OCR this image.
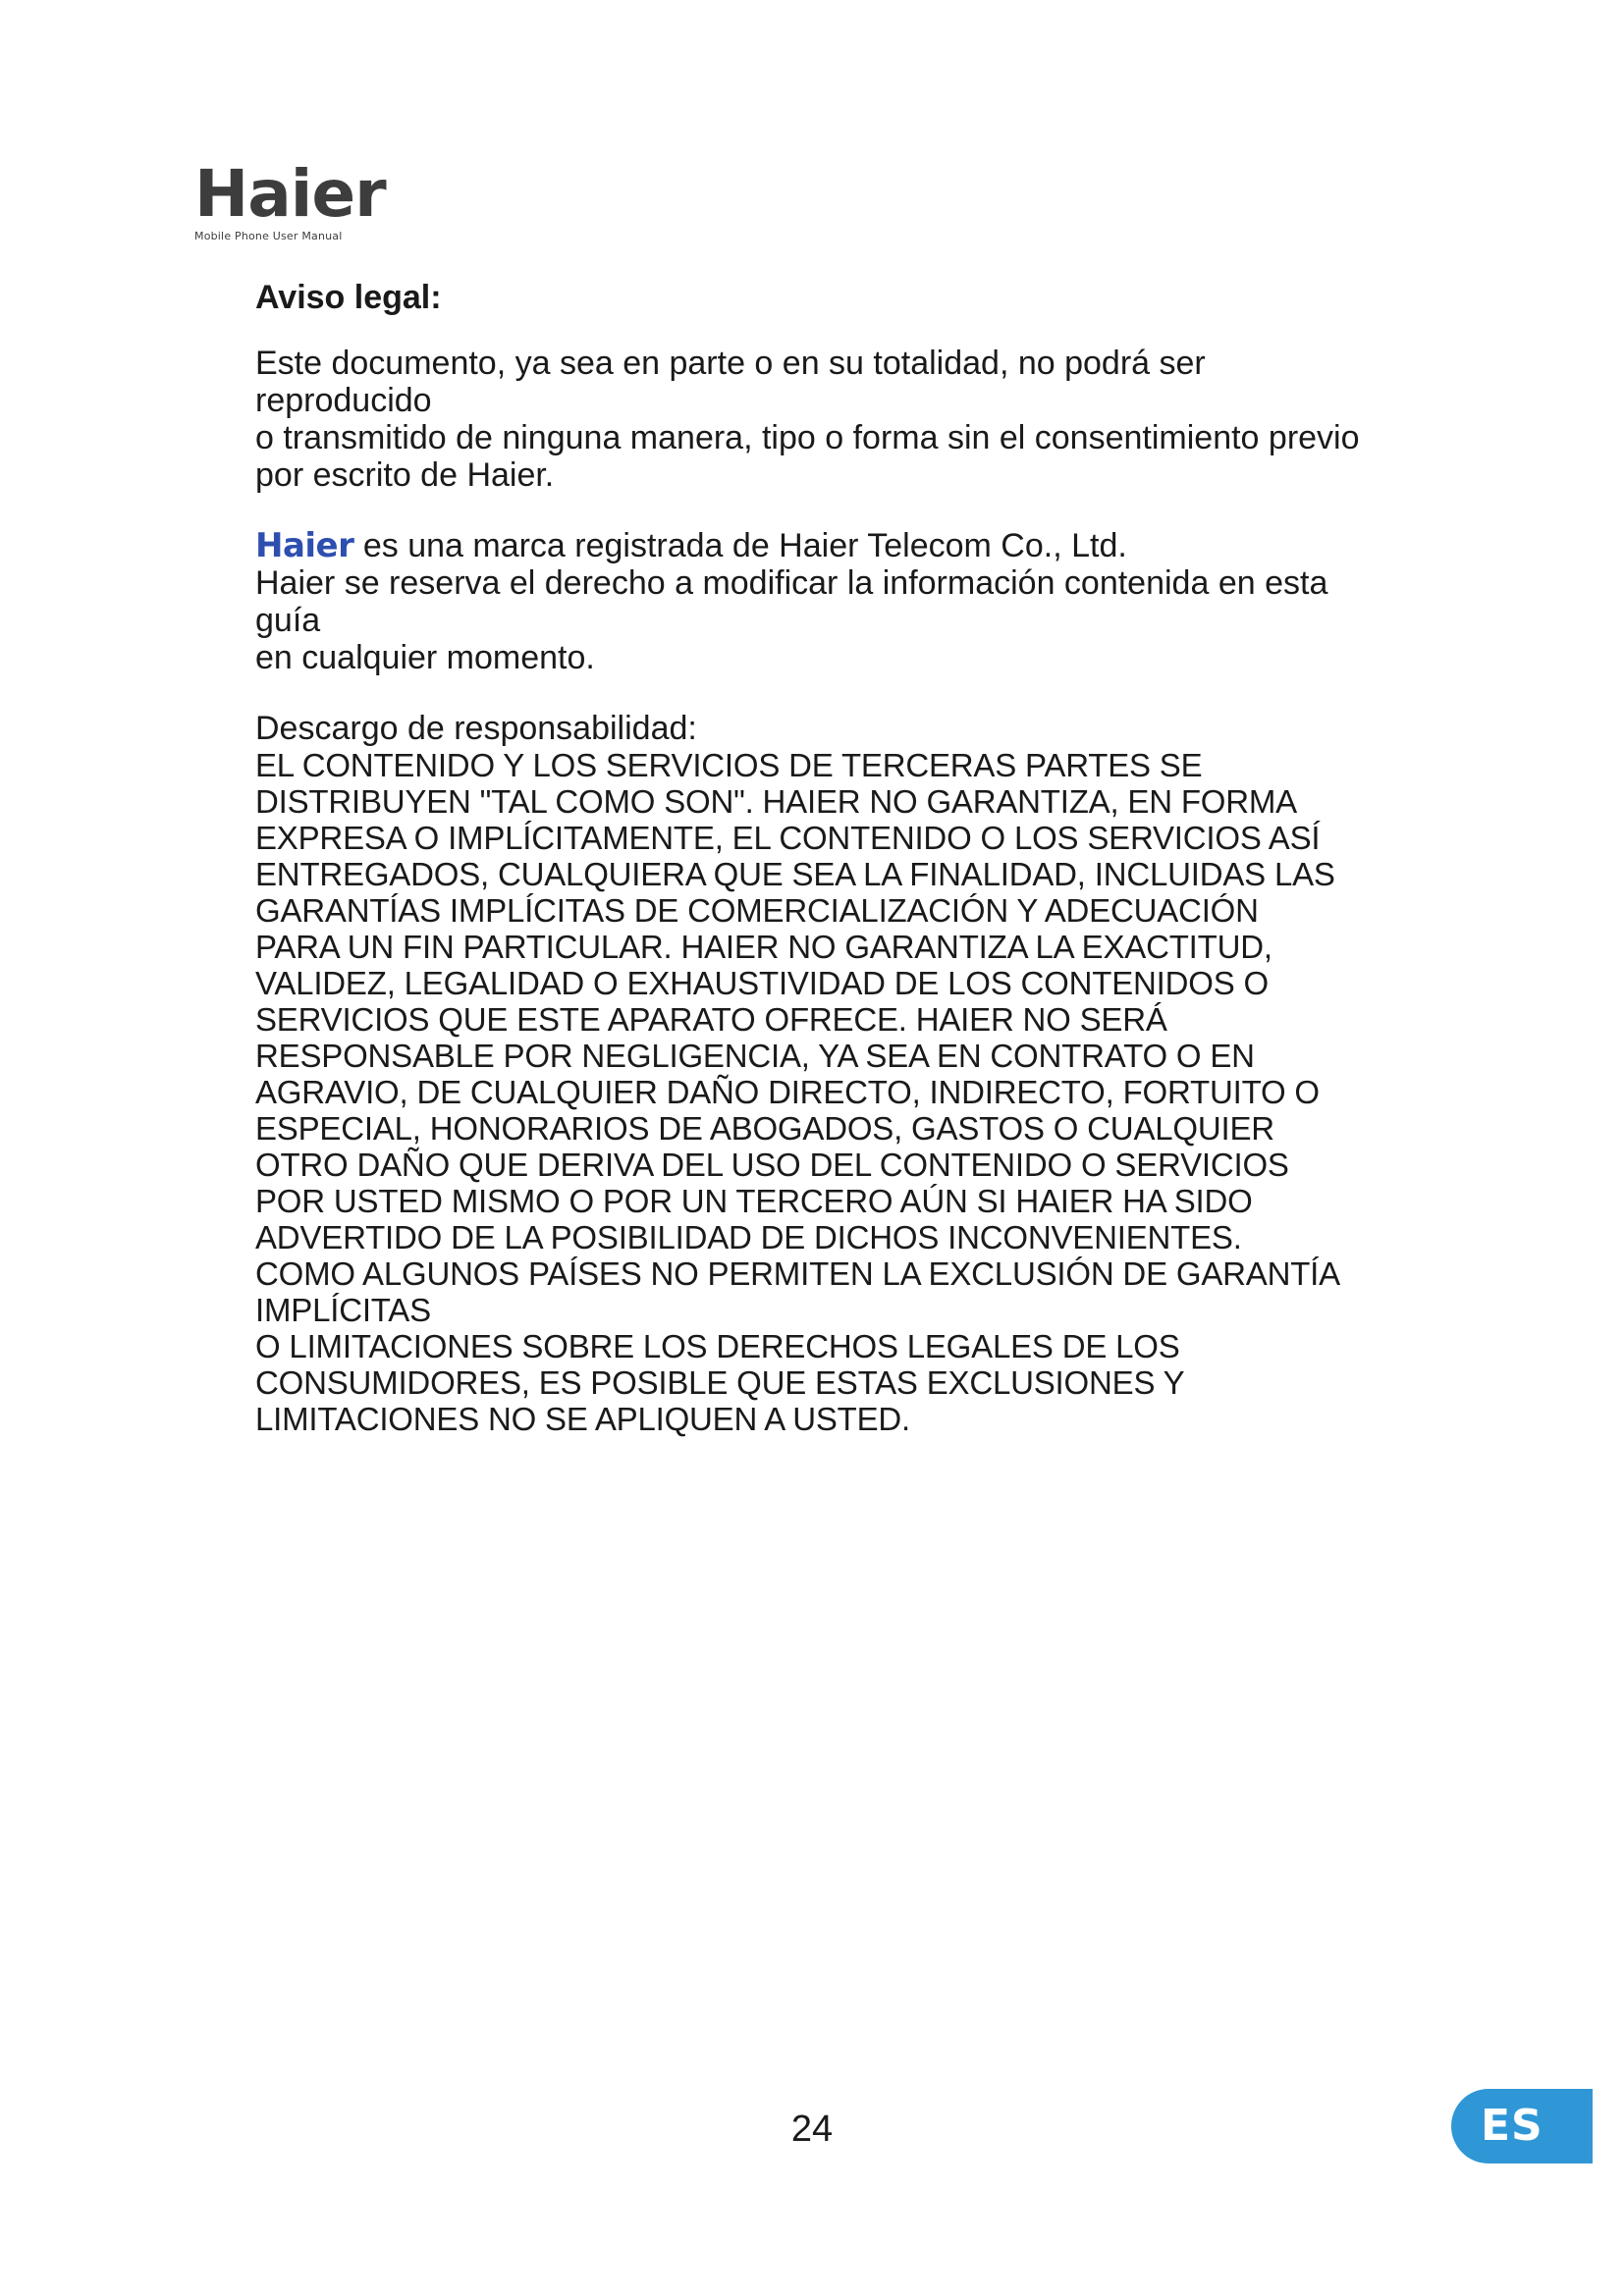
Haier
Mobile Phone User Manual

Aviso legal:

Este documento, ya sea en parte o en su totalidad, no podrá ser reproducido
o transmitido de ninguna manera, tipo o forma sin el consentimiento previo
por escrito de Haier.

Haier es una marca registrada de Haier Telecom Co., Ltd.
Haier se reserva el derecho a modificar la información contenida en esta guía
en cualquier momento.

Descargo de responsabilidad:

EL CONTENIDO Y LOS SERVICIOS DE TERCERAS PARTES SE
DISTRIBUYEN "TAL COMO SON". HAIER NO GARANTIZA, EN FORMA
EXPRESA O IMPLÍCITAMENTE, EL CONTENIDO O LOS SERVICIOS ASÍ
ENTREGADOS, CUALQUIERA QUE SEA LA FINALIDAD, INCLUIDAS LAS
GARANTÍAS IMPLÍCITAS DE COMERCIALIZACIÓN Y ADECUACIÓN
PARA UN FIN PARTICULAR. HAIER NO GARANTIZA LA EXACTITUD,
VALIDEZ, LEGALIDAD O EXHAUSTIVIDAD DE LOS CONTENIDOS O
SERVICIOS QUE ESTE APARATO OFRECE. HAIER NO SERÁ
RESPONSABLE POR NEGLIGENCIA, YA SEA EN CONTRATO O EN
AGRAVIO, DE CUALQUIER DAÑO DIRECTO, INDIRECTO, FORTUITO O
ESPECIAL, HONORARIOS DE ABOGADOS, GASTOS O CUALQUIER
OTRO DAÑO QUE DERIVA DEL USO DEL CONTENIDO O SERVICIOS
POR USTED MISMO O POR UN TERCERO AÚN SI HAIER HA SIDO
ADVERTIDO DE LA POSIBILIDAD DE DICHOS INCONVENIENTES.
COMO ALGUNOS PAÍSES NO PERMITEN LA EXCLUSIÓN DE GARANTÍA
IMPLÍCITAS
O LIMITACIONES SOBRE LOS DERECHOS LEGALES DE LOS
CONSUMIDORES, ES POSIBLE QUE ESTAS EXCLUSIONES Y
LIMITACIONES NO SE APLIQUEN A USTED.

24	ES
